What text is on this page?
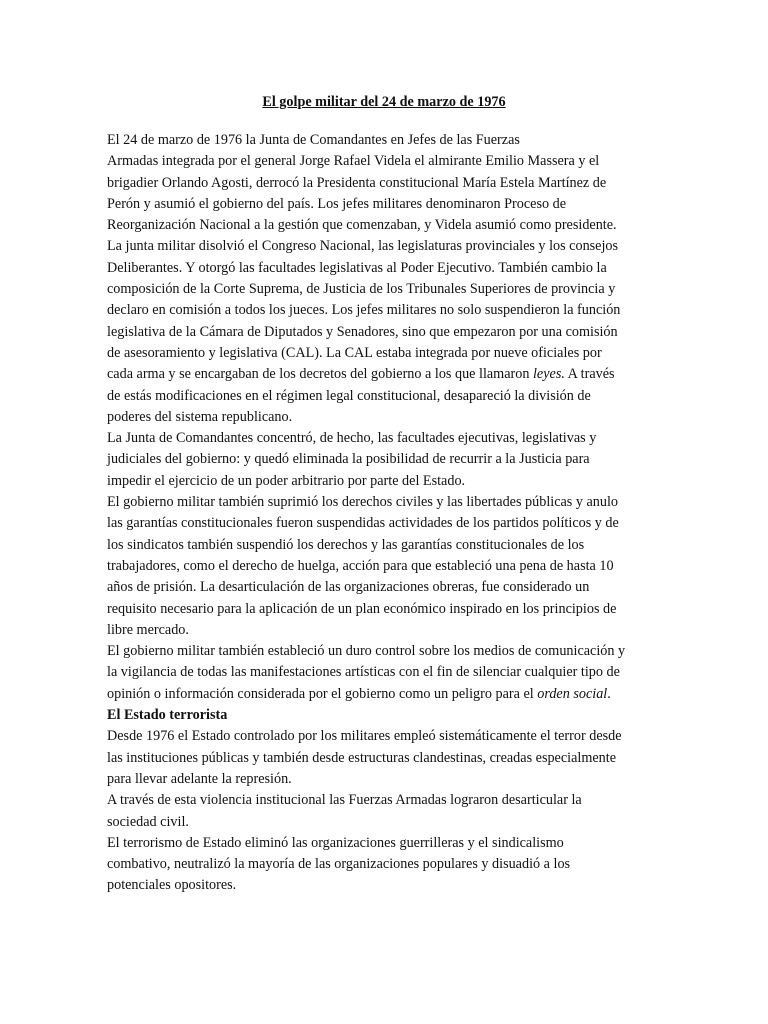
El golpe militar del 24 de marzo de 1976
El 24 de marzo de 1976 la Junta de Comandantes en Jefes de las Fuerzas
Armadas integrada por el general Jorge Rafael Videla el almirante Emilio Massera y el
brigadier Orlando Agosti, derrocó la Presidenta constitucional María Estela Martínez de
Perón y asumió el gobierno del país. Los jefes militares denominaron Proceso de
Reorganización Nacional a la gestión que comenzaban, y Videla asumió como presidente.
La junta militar disolvió el Congreso Nacional, las legislaturas provinciales y los consejos
Deliberantes. Y otorgó las facultades legislativas al Poder Ejecutivo. También cambio la
composición de la Corte Suprema, de Justicia de los Tribunales Superiores de provincia y
declaro en comisión a todos los jueces. Los jefes militares no solo suspendieron la función
legislativa de la Cámara de Diputados y Senadores, sino que empezaron por una comisión
de asesoramiento y legislativa (CAL). La CAL estaba integrada por nueve oficiales por
cada arma y se encargaban de los decretos del gobierno a los que llamaron leyes. A través
de estás modificaciones en el régimen legal constitucional, desapareció la división de
poderes del sistema republicano.
La Junta de Comandantes concentró, de hecho, las facultades ejecutivas, legislativas y
judiciales del gobierno: y quedó eliminada la posibilidad de recurrir a la Justicia para
impedir el ejercicio de un poder arbitrario por parte del Estado.
El gobierno militar también suprimió los derechos civiles y las libertades públicas y anulo
las garantías constitucionales fueron suspendidas actividades de los partidos políticos y de
los sindicatos también suspendió los derechos y las garantías constitucionales de los
trabajadores, como el derecho de huelga, acción para que estableció una pena de hasta 10
años de prisión. La desarticulación de las organizaciones obreras, fue considerado un
requisito necesario para la aplicación de un plan económico inspirado en los principios de
libre mercado.
El gobierno militar también estableció un duro control sobre los medios de comunicación y
la vigilancia de todas las manifestaciones artísticas con el fin de silenciar cualquier tipo de
opinión o información considerada por el gobierno como un peligro para el orden social.
El Estado terrorista
Desde 1976 el Estado controlado por los militares empleó sistemáticamente el terror desde
las instituciones públicas y también desde estructuras clandestinas, creadas especialmente
para llevar adelante la represión.
A través de esta violencia institucional las Fuerzas Armadas lograron desarticular la
sociedad civil.
El terrorismo de Estado eliminó las organizaciones guerrilleras y el sindicalismo
combativo, neutralizó la mayoría de las organizaciones populares y disuadió a los
potenciales opositores.
